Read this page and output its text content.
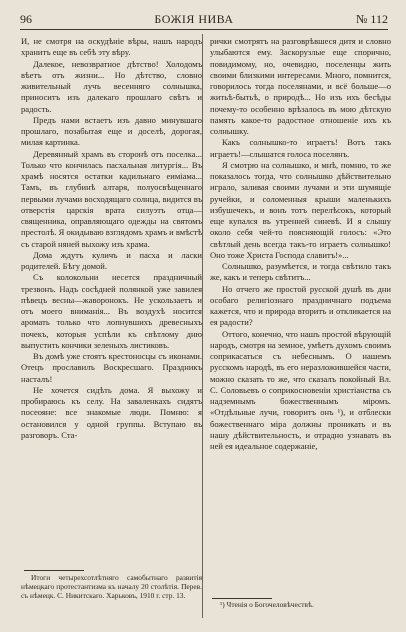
96	БОЖІЯ НИВА	№ 112

И, не смотря на оскудѣніе вѣры, нашъ народъ хранитъ еще въ себѣ эту вѣру.

Далекое, невозвратное дѣтство! Холодомъ вѣетъ отъ жизни... Но дѣтство, словно живительный лучъ весенняго солнышка, приноситъ изъ далекаго прошлаго свѣтъ и радость.

Предъ нами встаетъ изъ давно минувшаго прошлаго, позабытая еще и доселѣ, дорогая, милая картинка.

Деревянный храмъ въ сторонѣ отъ поселка... Только что кончилась пасхальная литургія... Въ храмѣ носятся остатки кадильнаго еиміама... Тамъ, въ глубинѣ алтаря, полуосвѣщеннаго первыми лучами восходящаго солнца, видится въ отверстія царскія врата силуэтъ отца—священника, оправляющаго одежды на святомъ престолѣ. Я окидываю взглядомъ храмъ и вмѣстѣ съ старой няней выхожу изъ храма.

Дома ждутъ куличъ и пасха и ласки родителей. Бѣгу домой.

Съ колокольни несется праздничный трезвонъ. Надъ сосѣдней полянкой уже завилея пѣвецъ весны—жаворонокъ. Не ускользаетъ и отъ моего вниманія... Въ воздухѣ носится аромать только что лопнувшихъ древесныхъ почекъ, которыя успѣли къ свѣтлому дню выпустить кончики зеленыхъ листиковъ.

Въ домѣ уже стоятъ крестоносцы съ иконами. Отецъ прославилъ Воскресшаго. Праздникъ насталъ!

Не хочется сидѣть дома. Я выхожу и пробираюсь къ селу. На заваленкахъ сидятъ посеояне: все знакомые люди. Помню: я остановился у одной группы. Вступаю въ разговоръ. Ста-

Итоги четырехсотлѣтняго самобытнаго развитія нѣмецкаго протестантизма къ началу 20 столѣтія. Перев. съ нѣмецк. С. Никитскаго. Харьковъ, 1910 г. стр. 13.

рички смотрятъ на разговрѣвшеся дитя и словно улыбаются ему. Заскорузлые еще спорично, повидимому, но, очевидно, поселенцы жить своими близкими интересами. Много, помнится, говорилось тогда поселянами, и всё больше—о житьѣ-бытьѣ, о природѣ... Но изъ ихъ бесѣды почему-то особенно врѣзалось въ мою дѣтскую память какое-то радостное отношеніе ихъ къ солнышку.

Какъ солнышко-то играетъ! Вотъ такъ играетъ!—слышатся голоса поселянъ.

Я смотрю на солнышко, и мнѣ, помню, то же показалось тогда, что солнышко дѣйствительно играло, заливая своими лучами и эти шумящіе ручейки, и соломенныя крыши маленькихъ избушечекъ, и вонъ тотъ перелѣсокъ, который еще купался въ утренней синевѣ. И я слышу около себя чей-то поясняющій голосъ: «Это свѣтлый день всегда такъ-то играетъ солнышко! Оно тоже Христа Господа славитъ!»...

Солнышко, разумѣется, и тогда свѣтило такъ же, какъ и теперь свѣтитъ...

Но отчего же простой русской душѣ въ дни особаго религіознаго праздничнаго подъема кажется, что и природа вторитъ и откликается на ея радости?

Оттого, конечно, что нашъ простой вѣрующій народъ, смотря на земное, умѣетъ духомъ своимъ соприкасаться съ небеснымъ. О нашемъ русскомъ народѣ, въ его неразложившейся части, можно сказать то же, что сказалъ покойный Вл. С. Соловьевъ о соприкосновеніи христіанства съ надземнымъ божественнымъ міромъ. «Отдѣльные лучи, говоритъ онъ ¹), и отблески божественнаго міра должны проникать и въ нашу дѣйствительность, и отрадно узнавать въ ней ея идеальное содержаніе,

¹) Чтенія о Богочеловѣчествѣ.
